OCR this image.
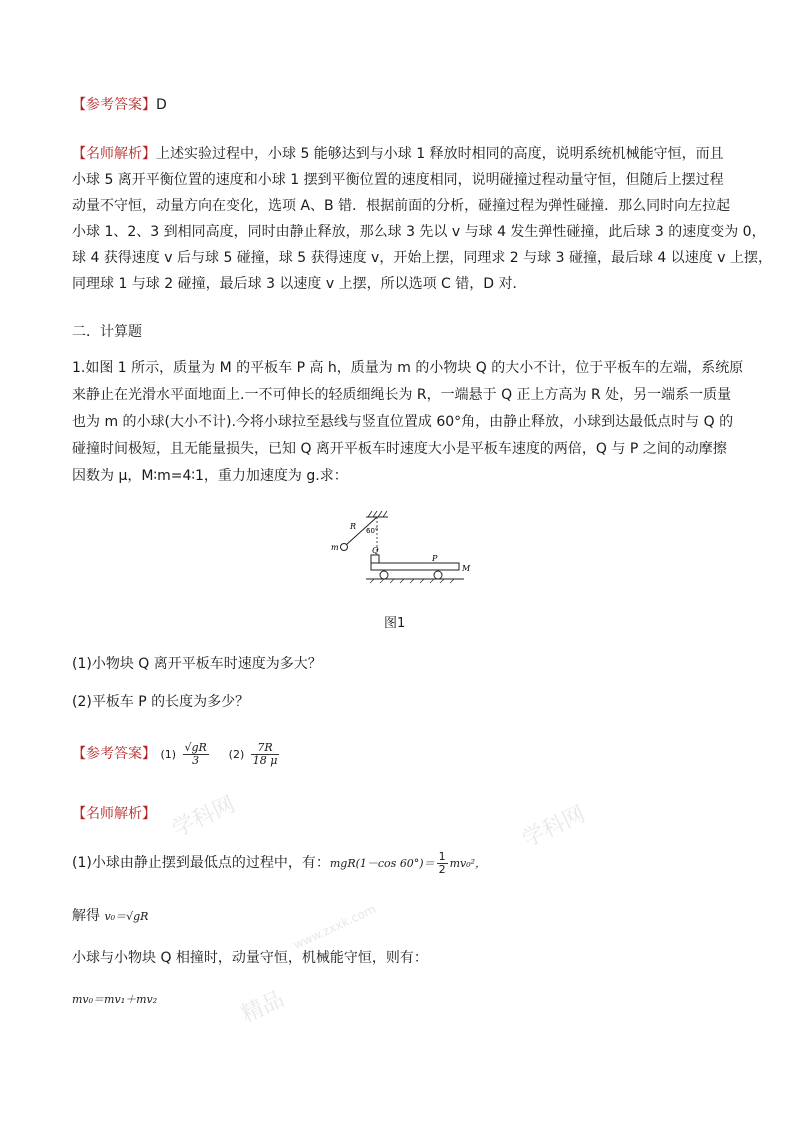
【参考答案】D
【名师解析】上述实验过程中，小球 5 能够达到与小球 1 释放时相同的高度，说明系统机械能守恒，而且
小球 5 离开平衡位置的速度和小球 1 摆到平衡位置的速度相同，说明碰撞过程动量守恒，但随后上摆过程
动量不守恒，动量方向在变化，选项 A、B 错．根据前面的分析，碰撞过程为弹性碰撞．那么同时向左拉起
小球 1、2、3 到相同高度，同时由静止释放，那么球 3 先以 v 与球 4 发生弹性碰撞，此后球 3 的速度变为 0，
球 4 获得速度 v 后与球 5 碰撞，球 5 获得速度 v，开始上摆，同理求 2 与球 3 碰撞，最后球 4 以速度 v 上摆，
同理球 1 与球 2 碰撞，最后球 3 以速度 v 上摆，所以选项 C 错，D 对．
二．计算题
1.如图 1 所示，质量为 M 的平板车 P 高 h，质量为 m 的小物块 Q 的大小不计，位于平板车的左端，系统原
来静止在光滑水平面地面上.一不可伸长的轻质细绳长为 R，一端悬于 Q 正上方高为 R 处，另一端系一质量
也为 m 的小球(大小不计).今将小球拉至悬线与竖直位置成 60°角，由静止释放，小球到达最低点时与 Q 的
碰撞时间极短，且无能量损失，已知 Q 离开平板车时速度大小是平板车速度的两倍，Q 与 P 之间的动摩擦
因数为 μ，M∶m=4∶1，重力加速度为 g.求：
R 60°
m	Q
P
M
图1
(1)小物块 Q 离开平板车时速度为多大？
(2)平板车 P 的长度为多少？
【参考答案】 $(1) \frac{√gR}{3} (2) \frac{7R}{18 \mu}$
【名师解析】
(1)小球由静止摆到最低点的过程中，有：mgR(1－cos $60^\circ)= \frac{1}{2} mv_0^2$，
解得 v₀＝√gR
小球与小物块 Q 相撞时，动量守恒，机械能守恒，则有：
mv₀＝mv₁＋mv₂
学科网
www.zxxk.com
学科网
精品
